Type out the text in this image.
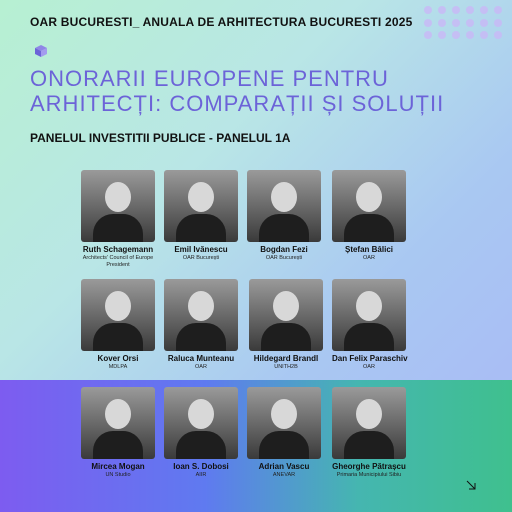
OAR BUCURESTI_ ANUALA DE ARHITECTURA BUCURESTI 2025
ONORARII EUROPENE PENTRU
ARHITECȚI: COMPARAȚII ȘI SOLUȚII
PANELUL INVESTITII PUBLICE - PANELUL 1A
Ruth Schagemann
Architects' Council of Europe President
Emil Ivănescu
OAR București
Bogdan Fezi
OAR București
Ștefan Bâlici
OAR
Kover Orsi
MDLPA
Raluca Munteanu
OAR
Hildegard Brandl
UNITH2B
Dan Felix Paraschiv
OAR
Mircea Mogan
UN Studio
Ioan S. Dobosi
AIIR
Adrian Vascu
ANEVAR
Gheorghe Pătrașcu
Primaria Municipiului Sibiu
